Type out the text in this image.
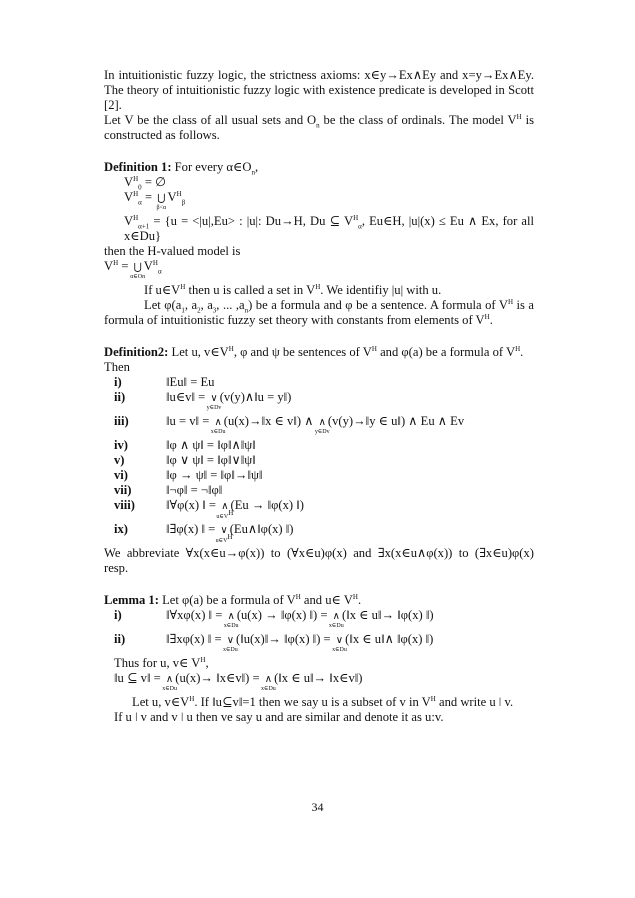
In intuitionistic fuzzy logic, the strictness axioms: x∈y→Ex∧Ey and x=y→Ex∧Ey. The theory of intuitionistic fuzzy logic with existence predicate is developed in Scott [2].

Let V be the class of all usual sets and $O_n$ be the class of ordinals. The model $V^H$ is constructed as follows.

Definition 1: For every $\alpha\in O_n$,

$V^H_0$ = ∅

$V^H_\alpha$ = ⋃
β<α
$V^H_\beta$

$V^H_{\alpha+1} = \{u = <|u|,Eu>$ : |u|: Du→H, Du ⊆ $V^H_\alpha$, Eu∈H, |u|(x) ≤ Eu ∧ Ex, for all x∈Du}

then the H-valued model is

$V^H$ = ⋃
α∈On
$V^H_\alpha$

If $u\in V^H$ then u is called a set in $V^H$. We identifiy |u| with u.

Let $\varphi(a_1$, $a_2$, $a_3$, ... $,a_n$) be a formula and φ be a sentence. A formula of $V^H$ is a formula of intuitionistic fuzzy set theory with constants from elements of $V^H$.

Definition2: Let u, $v\in V^H$, φ and ψ be sentences of $V^H$ and φ(a) be a formula of $V^H$.

Then

i)	‖Eu‖ = Eu
ii)	‖u∈v‖ = ∨
y∈Dv
(v(y)∧‖u = y‖)
iii)	‖u = v‖ = ∧
x∈Du
(u(x)→‖x ∈ v‖) ∧ ∧
y∈Dv
(v(y)→‖y ∈ u‖) ∧ Eu ∧ Ev
iv)	‖φ ∧ ψ‖ = ‖φ‖∧‖ψ‖
v)	‖φ ∨ ψ‖ = ‖φ‖∨‖ψ‖
vi)	‖φ → ψ‖ = ‖φ‖→‖ψ‖
vii)	‖¬φ‖ = ¬‖φ‖
viii)	‖∀φ(x) ‖ = ∧
$u\in V^H$
(Eu → ‖φ(x) ‖)
ix)	‖∃φ(x) ‖ = ∨
$u\in V^H$
(Eu∧‖φ(x) ‖)

We abbreviate ∀x(x∈u→φ(x)) to (∀x∈u)φ(x) and ∃x(x∈u∧φ(x)) to (∃x∈u)φ(x) resp.

Lemma 1: Let φ(a) be a formula of $V^H$ and u∈ $V^H$.

i)	‖∀xφ(x) ‖ = ∧
x∈Du
(u(x) → ‖φ(x) ‖) = ∧
x∈Du
(‖x ∈ u‖→ ‖φ(x) ‖)
ii)	‖∃xφ(x) ‖ = ∨
x∈Du
(‖u(x)‖→ ‖φ(x) ‖) = ∨
x∈Du
(‖x ∈ u‖∧ ‖φ(x) ‖)

Thus for u, v∈ $V^H$,

‖u ⊆ v‖ = ∧
x∈Du
(u(x)→ ‖x∈v‖) = ∧
x∈Du
(‖x ∈ u‖→ ‖x∈v‖)

Let u, $v\in V^H$. If ‖u⊆v‖=1 then we say u is a subset of v in $V^H$ and write u ǀ v.

If u ǀ v and v ǀ u then ve say u and are similar and denote it as u:v.

34
